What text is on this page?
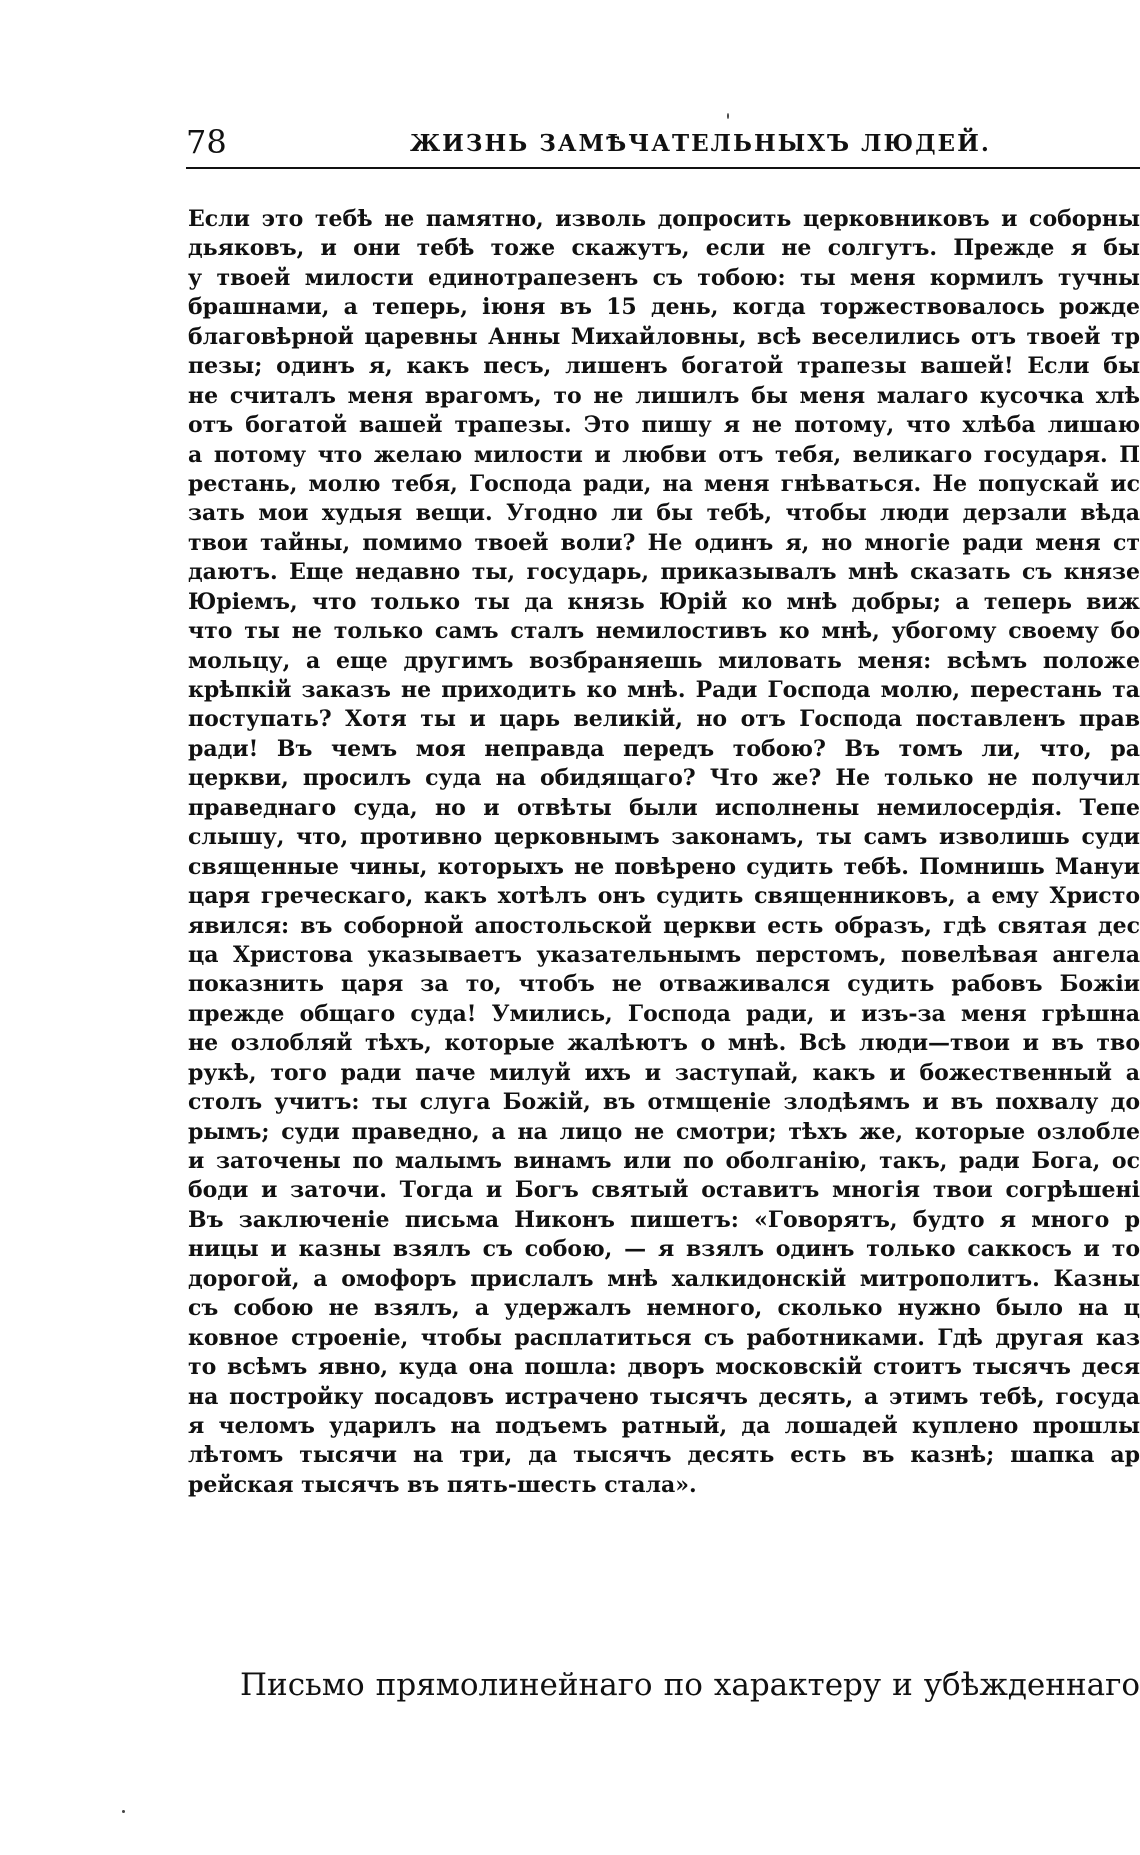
78	ЖИЗНЬ ЗАМѢЧАТЕЛЬНЫХЪ ЛЮДЕЙ.
Если это тебѣ не памятно, изволь допросить церковниковъ и соборны
дьяковъ, и они тебѣ тоже скажутъ, если не солгутъ. Прежде я бы
у твоей милости единотрапезенъ съ тобою: ты меня кормилъ тучны
брашнами, а теперь, іюня въ 15 день, когда торжествовалось рожде
благовѣрной царевны Анны Михайловны, всѣ веселились отъ твоей тр
пезы; одинъ я, какъ песъ, лишенъ богатой трапезы вашей! Если бы
не считалъ меня врагомъ, то не лишилъ бы меня малаго кусочка хлѣ
отъ богатой вашей трапезы. Это пишу я не потому, что хлѣба лишаю
а потому что желаю милости и любви отъ тебя, великаго государя. П
рестань, молю тебя, Господа ради, на меня гнѣваться. Не попускай ис
зать мои худыя вещи. Угодно ли бы тебѣ, чтобы люди дерзали вѣда
твои тайны, помимо твоей воли? Не одинъ я, но многіе ради меня ст
даютъ. Еще недавно ты, государь, приказывалъ мнѣ сказать съ князе
Юріемъ, что только ты да князь Юрій ко мнѣ добры; а теперь виж
что ты не только самъ сталъ немилостивъ ко мнѣ, убогому своему бо
мольцу, а еще другимъ возбраняешь миловать меня: всѣмъ положе
крѣпкій заказъ не приходить ко мнѣ. Ради Господа молю, перестань та
поступать? Хотя ты и царь великій, но отъ Господа поставленъ прав
ради! Въ чемъ моя неправда передъ тобою? Въ томъ ли, что, ра
церкви, просилъ суда на обидящаго? Что же? Не только не получил
праведнаго суда, но и отвѣты были исполнены немилосердія. Тепе
слышу, что, противно церковнымъ законамъ, ты самъ изволишь суди
священные чины, которыхъ не повѣрено судить тебѣ. Помнишь Мануи
царя греческаго, какъ хотѣлъ онъ судить священниковъ, а ему Христо
явился: въ соборной апостольской церкви есть образъ, гдѣ святая дес
ца Христова указываетъ указательнымъ перстомъ, повелѣвая ангела
показнить царя за то, чтобъ не отваживался судить рабовъ Божіи
прежде общаго суда! Умились, Господа ради, и изъ-за меня грѣшна
не озлобляй тѣхъ, которые жалѣютъ о мнѣ. Всѣ люди—твои и въ тво
рукѣ, того ради паче милуй ихъ и заступай, какъ и божественный а
столъ учитъ: ты слуга Божій, въ отмщеніе злодѣямъ и въ похвалу до
рымъ; суди праведно, а на лицо не смотри; тѣхъ же, которые озлобле
и заточены по малымъ винамъ или по оболганію, такъ, ради Бога, ос
боди и заточи. Тогда и Богъ святый оставитъ многія твои согрѣшені
Въ заключеніе письма Никонъ пишетъ: «Говорятъ, будто я много р
ницы и казны взялъ съ собою, — я взялъ одинъ только саккосъ и то
дорогой, а омофоръ прислалъ мнѣ халкидонскій митрополитъ. Казны
съ собою не взялъ, а удержалъ немного, сколько нужно было на ц
ковное строеніе, чтобы расплатиться съ работниками. Гдѣ другая каз
то всѣмъ явно, куда она пошла: дворъ московскій стоитъ тысячъ деся
на постройку посадовъ истрачено тысячъ десять, а этимъ тебѣ, госуда
я челомъ ударилъ на подъемъ ратный, да лошадей куплено прошлы
лѣтомъ тысячи на три, да тысячъ десять есть въ казнѣ; шапка ар
рейская тысячъ въ пять-шесть стала».
Письмо прямолинейнаго по характеру и убѣжденнаго
